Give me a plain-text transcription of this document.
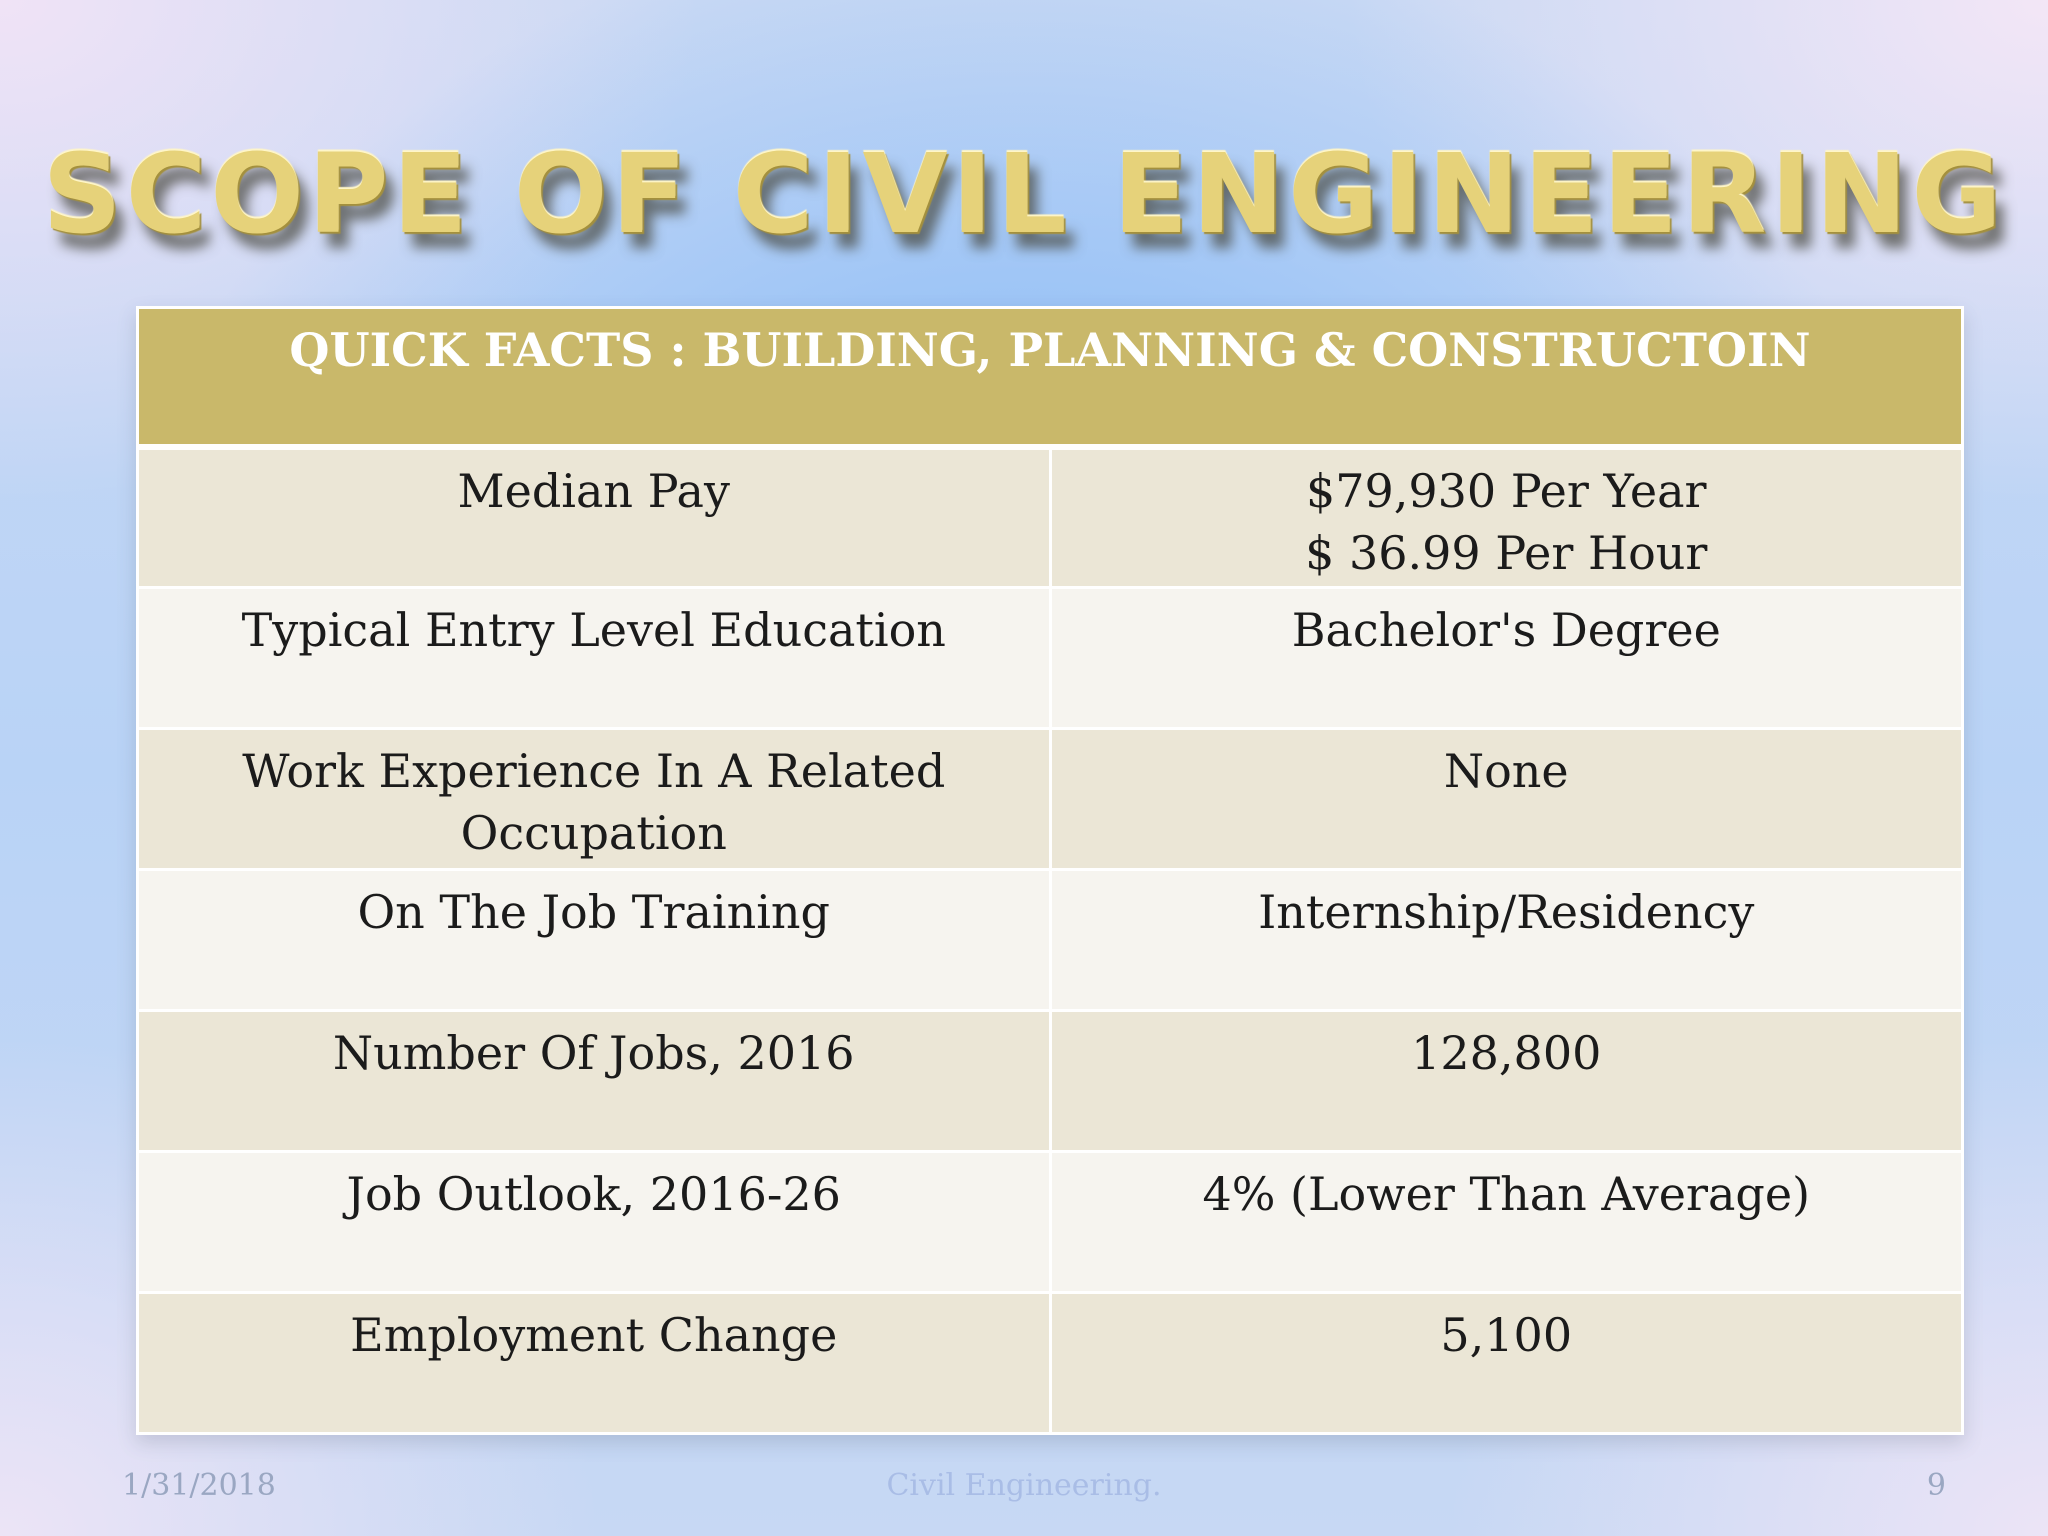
SCOPE OF CIVIL ENGINEERING
QUICK FACTS : BUILDING, PLANNING & CONSTRUCTOIN	
Median Pay	$79,930 Per Year
$ 36.99 Per Hour

Typical Entry Level Education	Bachelor's Degree

Work Experience In A Related
Occupation	None
On The Job Training	Internship/Residency
Number Of Jobs, 2016	128,800
Job Outlook, 2016-26	4% (Lower Than Average)
Employment Change	5,100
1/31/2018	Civil Engineering.	9
